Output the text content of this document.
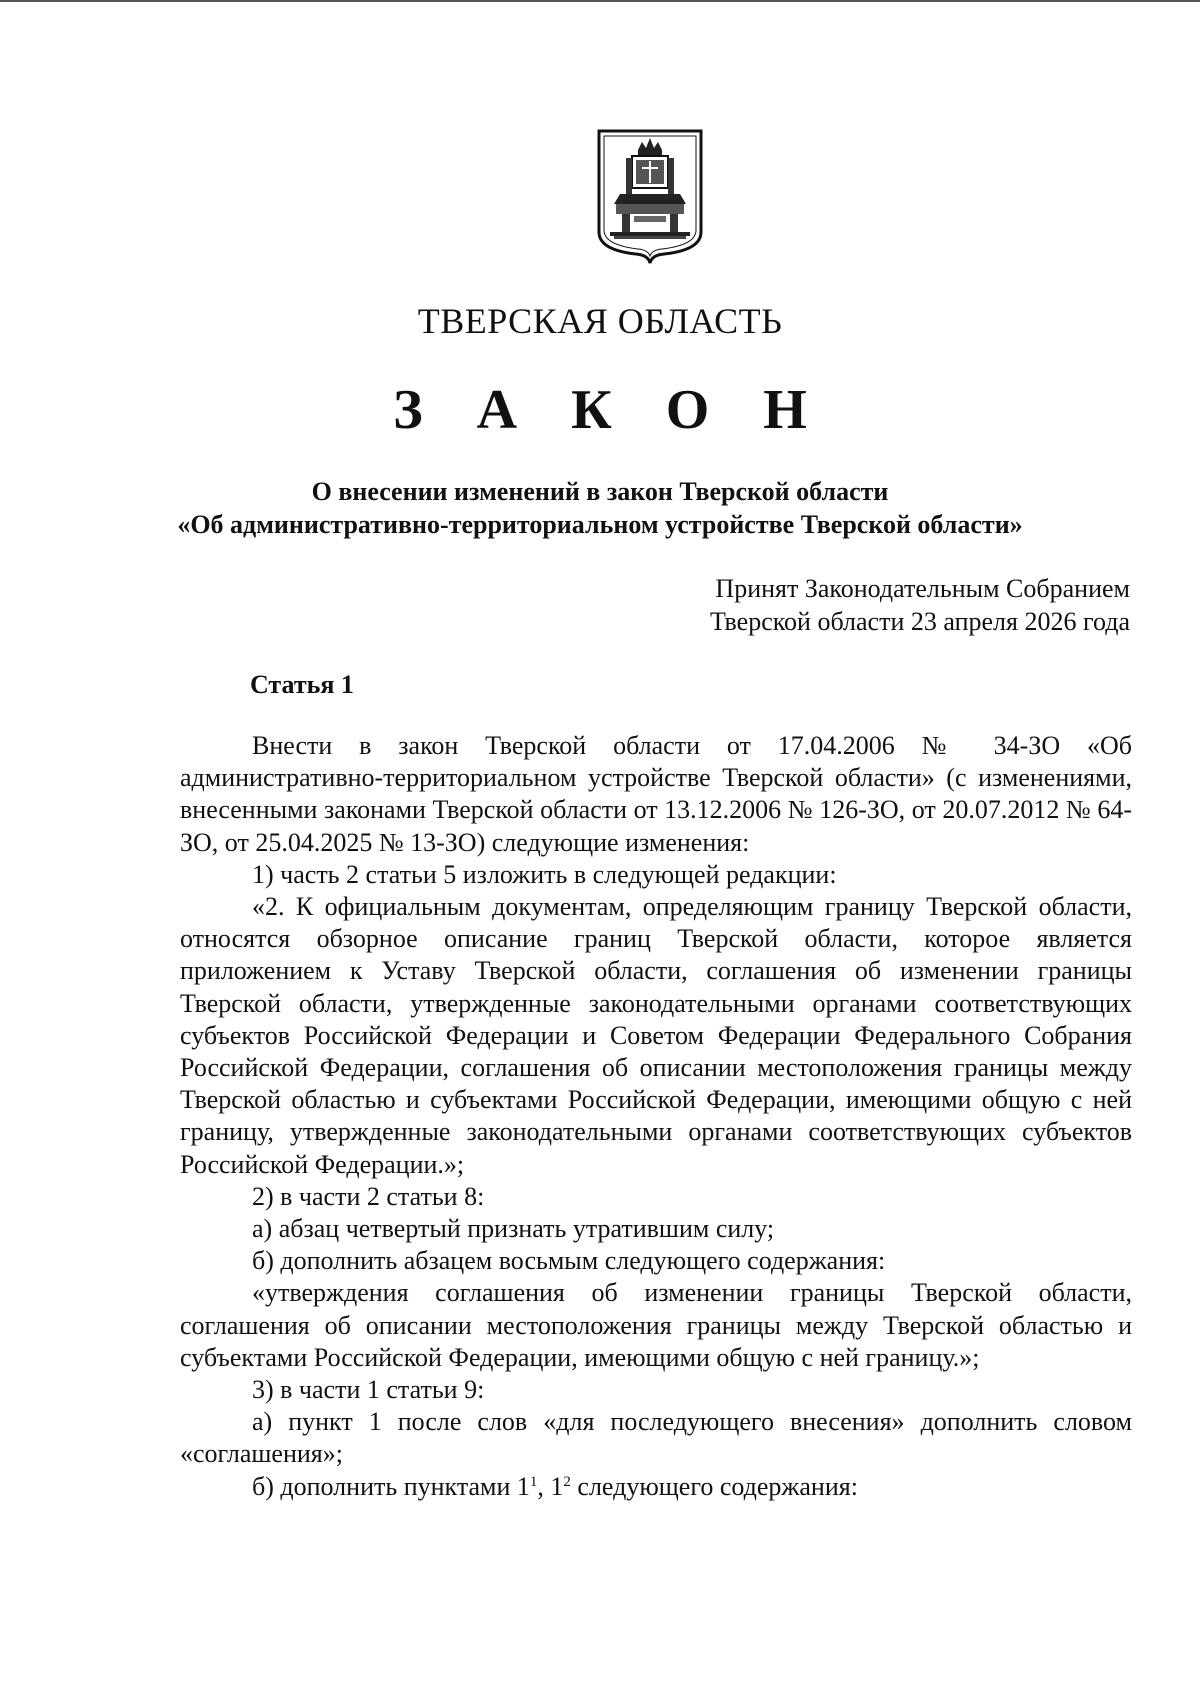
ТВЕРСКАЯ ОБЛАСТЬ
З А К О Н
О внесении изменений в закон Тверской области
«Об административно-территориальном устройстве Тверской области»
Принят Законодательным Собранием
Тверской области 23 апреля 2026 года
Статья 1

Внести в закон Тверской области от 17.04.2006 № 34-ЗО «Об административно-территориальном устройстве Тверской области» (с изменениями, внесенными законами Тверской области от 13.12.2006 № 126-ЗО, от 20.07.2012 № 64-ЗО, от 25.04.2025 № 13-ЗО) следующие изменения:

1) часть 2 статьи 5 изложить в следующей редакции:

«2. К официальным документам, определяющим границу Тверской области, относятся обзорное описание границ Тверской области, которое является приложением к Уставу Тверской области, соглашения об изменении границы Тверской области, утвержденные законодательными органами соответствующих субъектов Российской Федерации и Советом Федерации Федерального Собрания Российской Федерации, соглашения об описании местоположения границы между Тверской областью и субъектами Российской Федерации, имеющими общую с ней границу, утвержденные законодательными органами соответствующих субъектов Российской Федерации.»;

2) в части 2 статьи 8:

а) абзац четвертый признать утратившим силу;

б) дополнить абзацем восьмым следующего содержания:

«утверждения соглашения об изменении границы Тверской области, соглашения об описании местоположения границы между Тверской областью и субъектами Российской Федерации, имеющими общую с ней границу.»;

3) в части 1 статьи 9:

а) пункт 1 после слов «для последующего внесения» дополнить словом «соглашения»;

б) дополнить пунктами $1^1$, $1^2$ следующего содержания:
